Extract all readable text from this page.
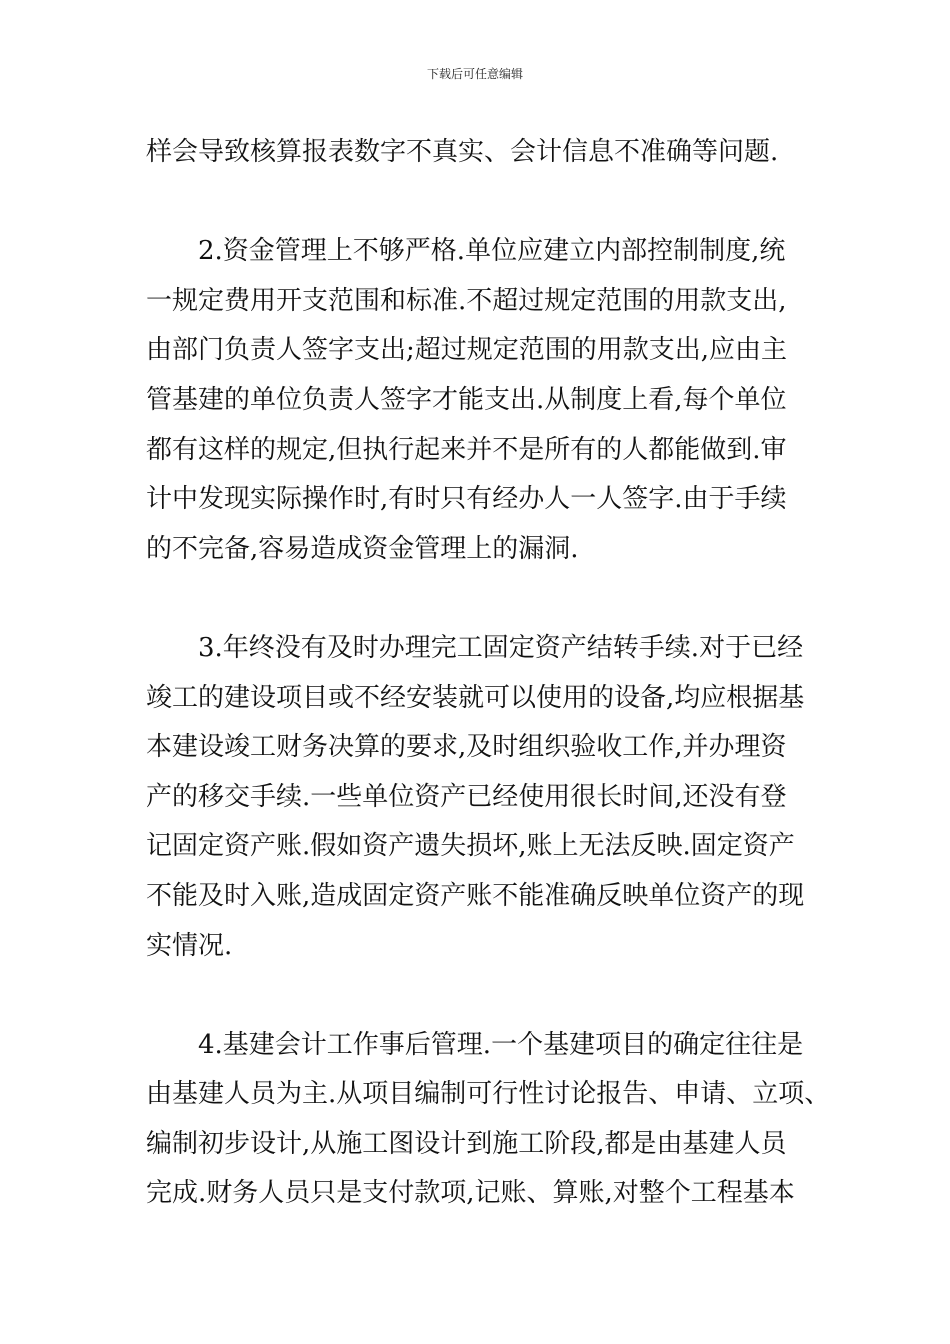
下载后可任意编辑
样会导致核算报表数字不真实、会计信息不准确等问题.
2.资金管理上不够严格.单位应建立内部控制制度,统
一规定费用开支范围和标准.不超过规定范围的用款支出,
由部门负责人签字支出;超过规定范围的用款支出,应由主
管基建的单位负责人签字才能支出.从制度上看,每个单位
都有这样的规定,但执行起来并不是所有的人都能做到.审
计中发现实际操作时,有时只有经办人一人签字.由于手续
的不完备,容易造成资金管理上的漏洞.
3.年终没有及时办理完工固定资产结转手续.对于已经
竣工的建设项目或不经安装就可以使用的设备,均应根据基
本建设竣工财务决算的要求,及时组织验收工作,并办理资
产的移交手续.一些单位资产已经使用很长时间,还没有登
记固定资产账.假如资产遗失损坏,账上无法反映.固定资产
不能及时入账,造成固定资产账不能准确反映单位资产的现
实情况.
4.基建会计工作事后管理.一个基建项目的确定往往是
由基建人员为主.从项目编制可行性讨论报告、申请、立项、
编制初步设计,从施工图设计到施工阶段,都是由基建人员
完成.财务人员只是支付款项,记账、算账,对整个工程基本
